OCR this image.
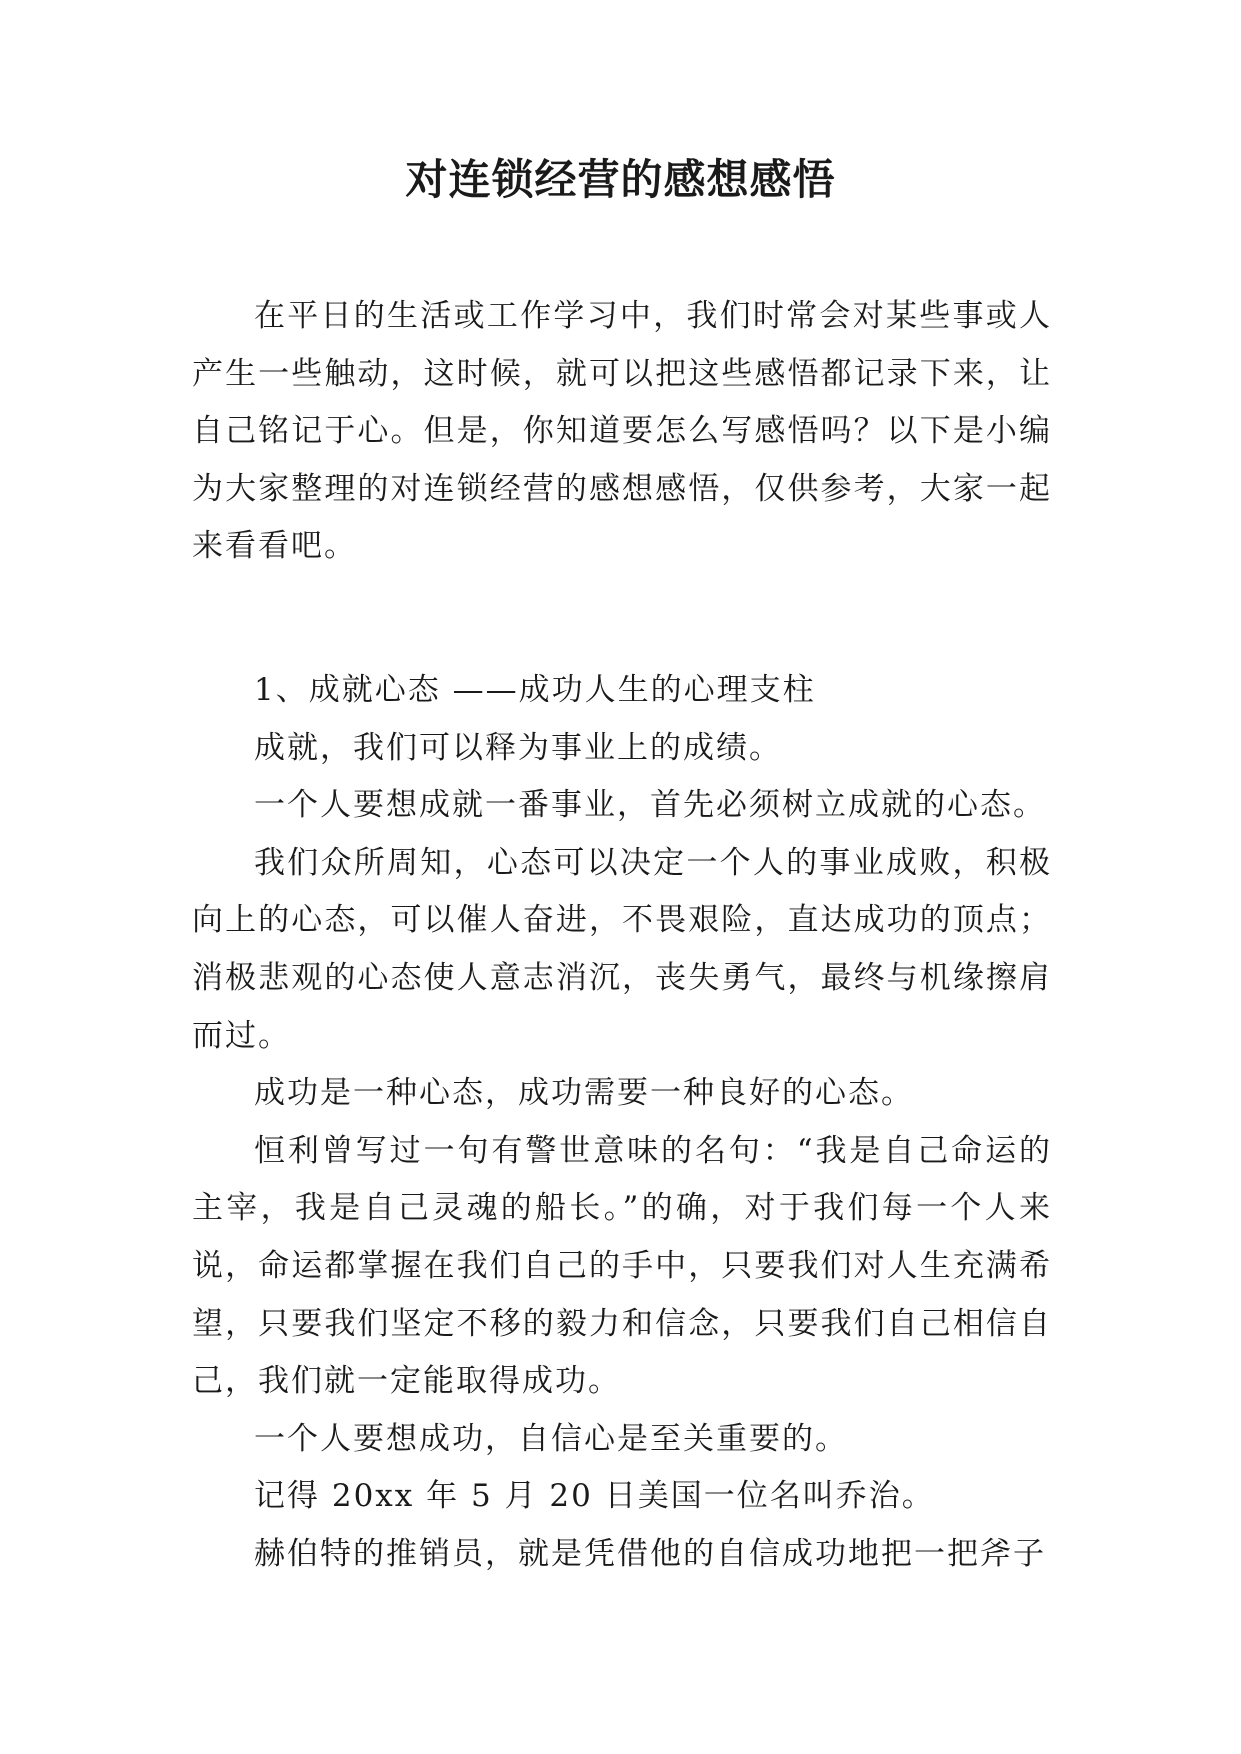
对连锁经营的感想感悟

在平日的生活或工作学习中，我们时常会对某些事或人产生一些触动，这时候，就可以把这些感悟都记录下来，让自己铭记于心。但是，你知道要怎么写感悟吗？以下是小编为大家整理的对连锁经营的感想感悟，仅供参考，大家一起来看看吧。

1、成就心态 ——成功人生的心理支柱

成就，我们可以释为事业上的成绩。

一个人要想成就一番事业，首先必须树立成就的心态。

我们众所周知，心态可以决定一个人的事业成败，积极向上的心态，可以催人奋进，不畏艰险，直达成功的顶点；消极悲观的心态使人意志消沉，丧失勇气，最终与机缘擦肩而过。

成功是一种心态，成功需要一种良好的心态。

恒利曾写过一句有警世意味的名句：“我是自己命运的主宰，我是自己灵魂的船长。”的确，对于我们每一个人来说，命运都掌握在我们自己的手中，只要我们对人生充满希望，只要我们坚定不移的毅力和信念，只要我们自己相信自己，我们就一定能取得成功。

一个人要想成功，自信心是至关重要的。

记得 20xx 年 5 月 20 日美国一位名叫乔治。

赫伯特的推销员，就是凭借他的自信成功地把一把斧子
